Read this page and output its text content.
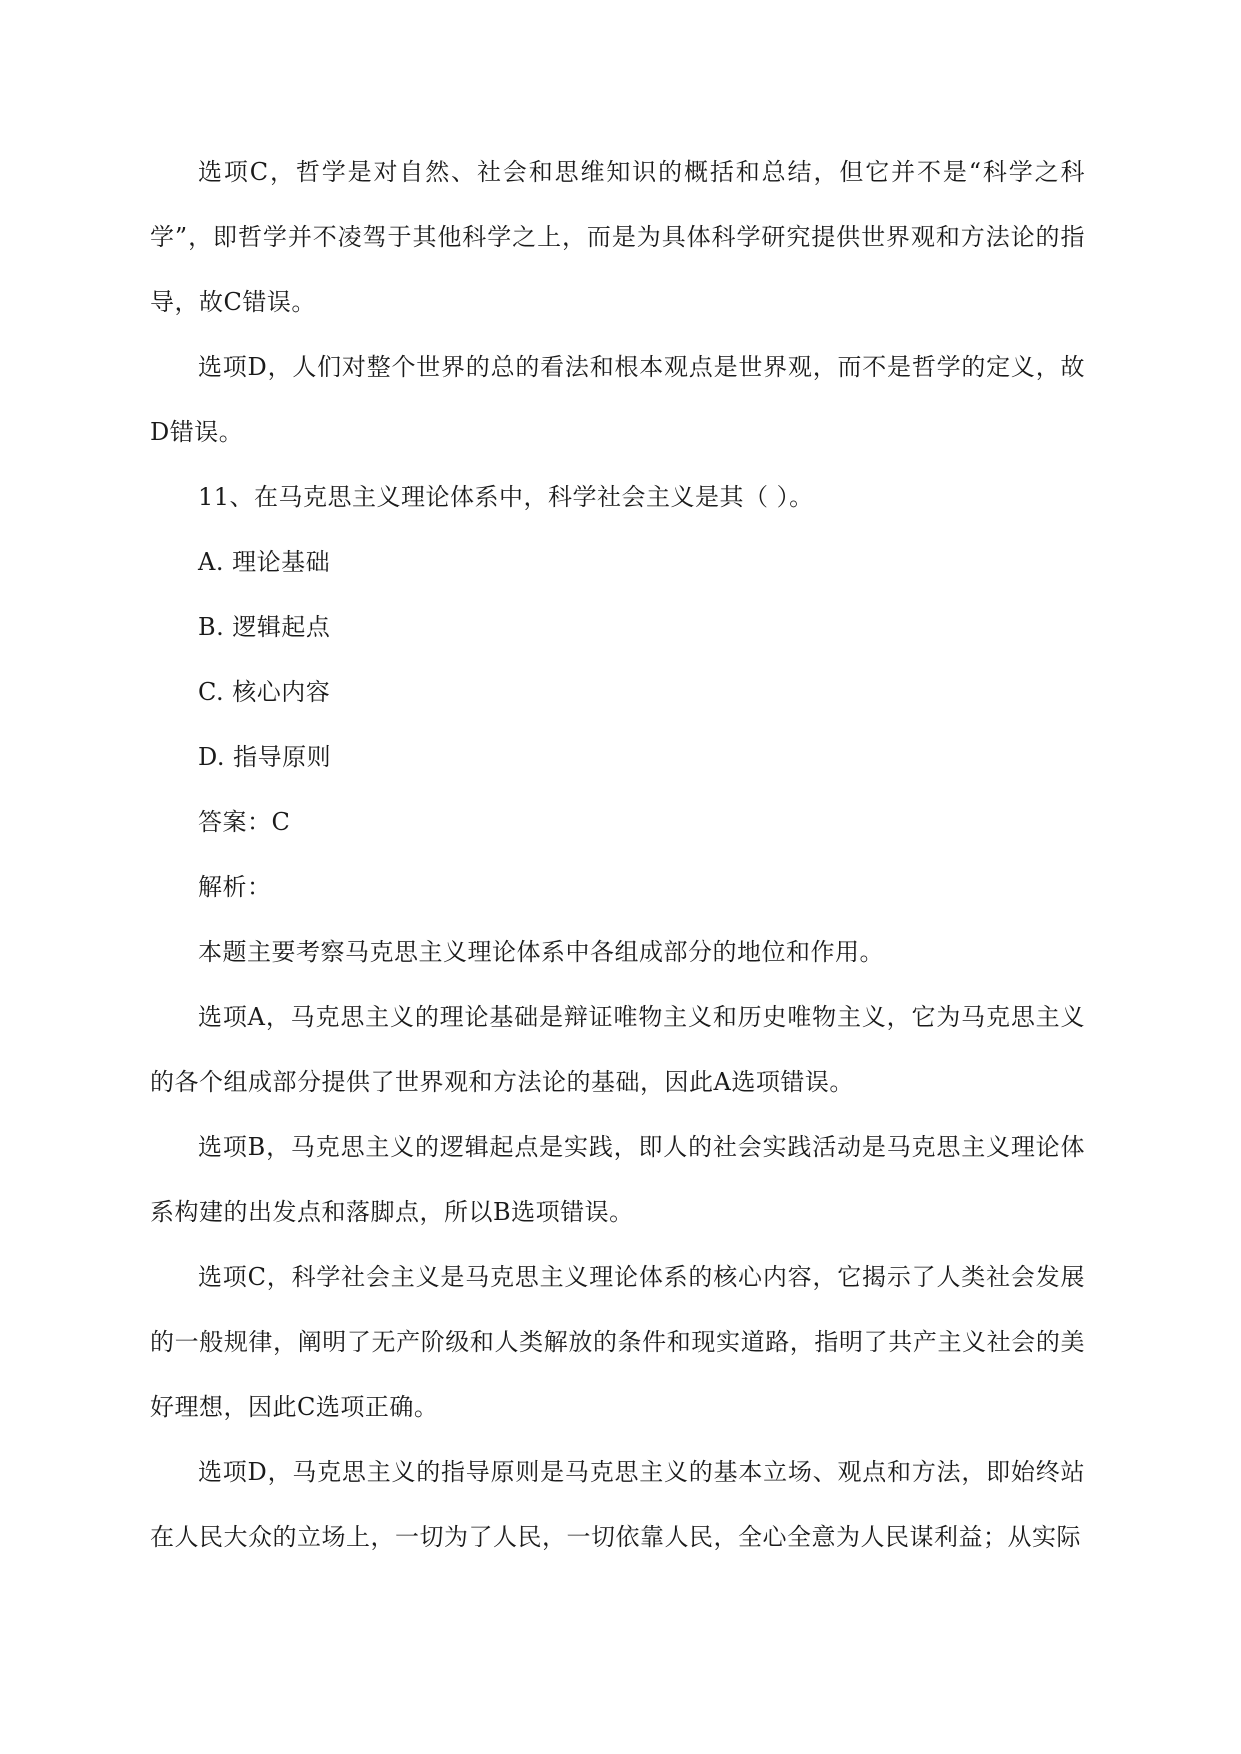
选项C，哲学是对自然、社会和思维知识的概括和总结，但它并不是“科学之科学”，即哲学并不凌驾于其他科学之上，而是为具体科学研究提供世界观和方法论的指导，故C错误。

选项D，人们对整个世界的总的看法和根本观点是世界观，而不是哲学的定义，故D错误。

11、在马克思主义理论体系中，科学社会主义是其（ ）。

A. 理论基础

B. 逻辑起点

C. 核心内容

D. 指导原则

答案：C

解析：

本题主要考察马克思主义理论体系中各组成部分的地位和作用。

选项A，马克思主义的理论基础是辩证唯物主义和历史唯物主义，它为马克思主义的各个组成部分提供了世界观和方法论的基础，因此A选项错误。

选项B，马克思主义的逻辑起点是实践，即人的社会实践活动是马克思主义理论体系构建的出发点和落脚点，所以B选项错误。

选项C，科学社会主义是马克思主义理论体系的核心内容，它揭示了人类社会发展的一般规律，阐明了无产阶级和人类解放的条件和现实道路，指明了共产主义社会的美好理想，因此C选项正确。

选项D，马克思主义的指导原则是马克思主义的基本立场、观点和方法，即始终站在人民大众的立场上，一切为了人民，一切依靠人民，全心全意为人民谋利益；从实际
